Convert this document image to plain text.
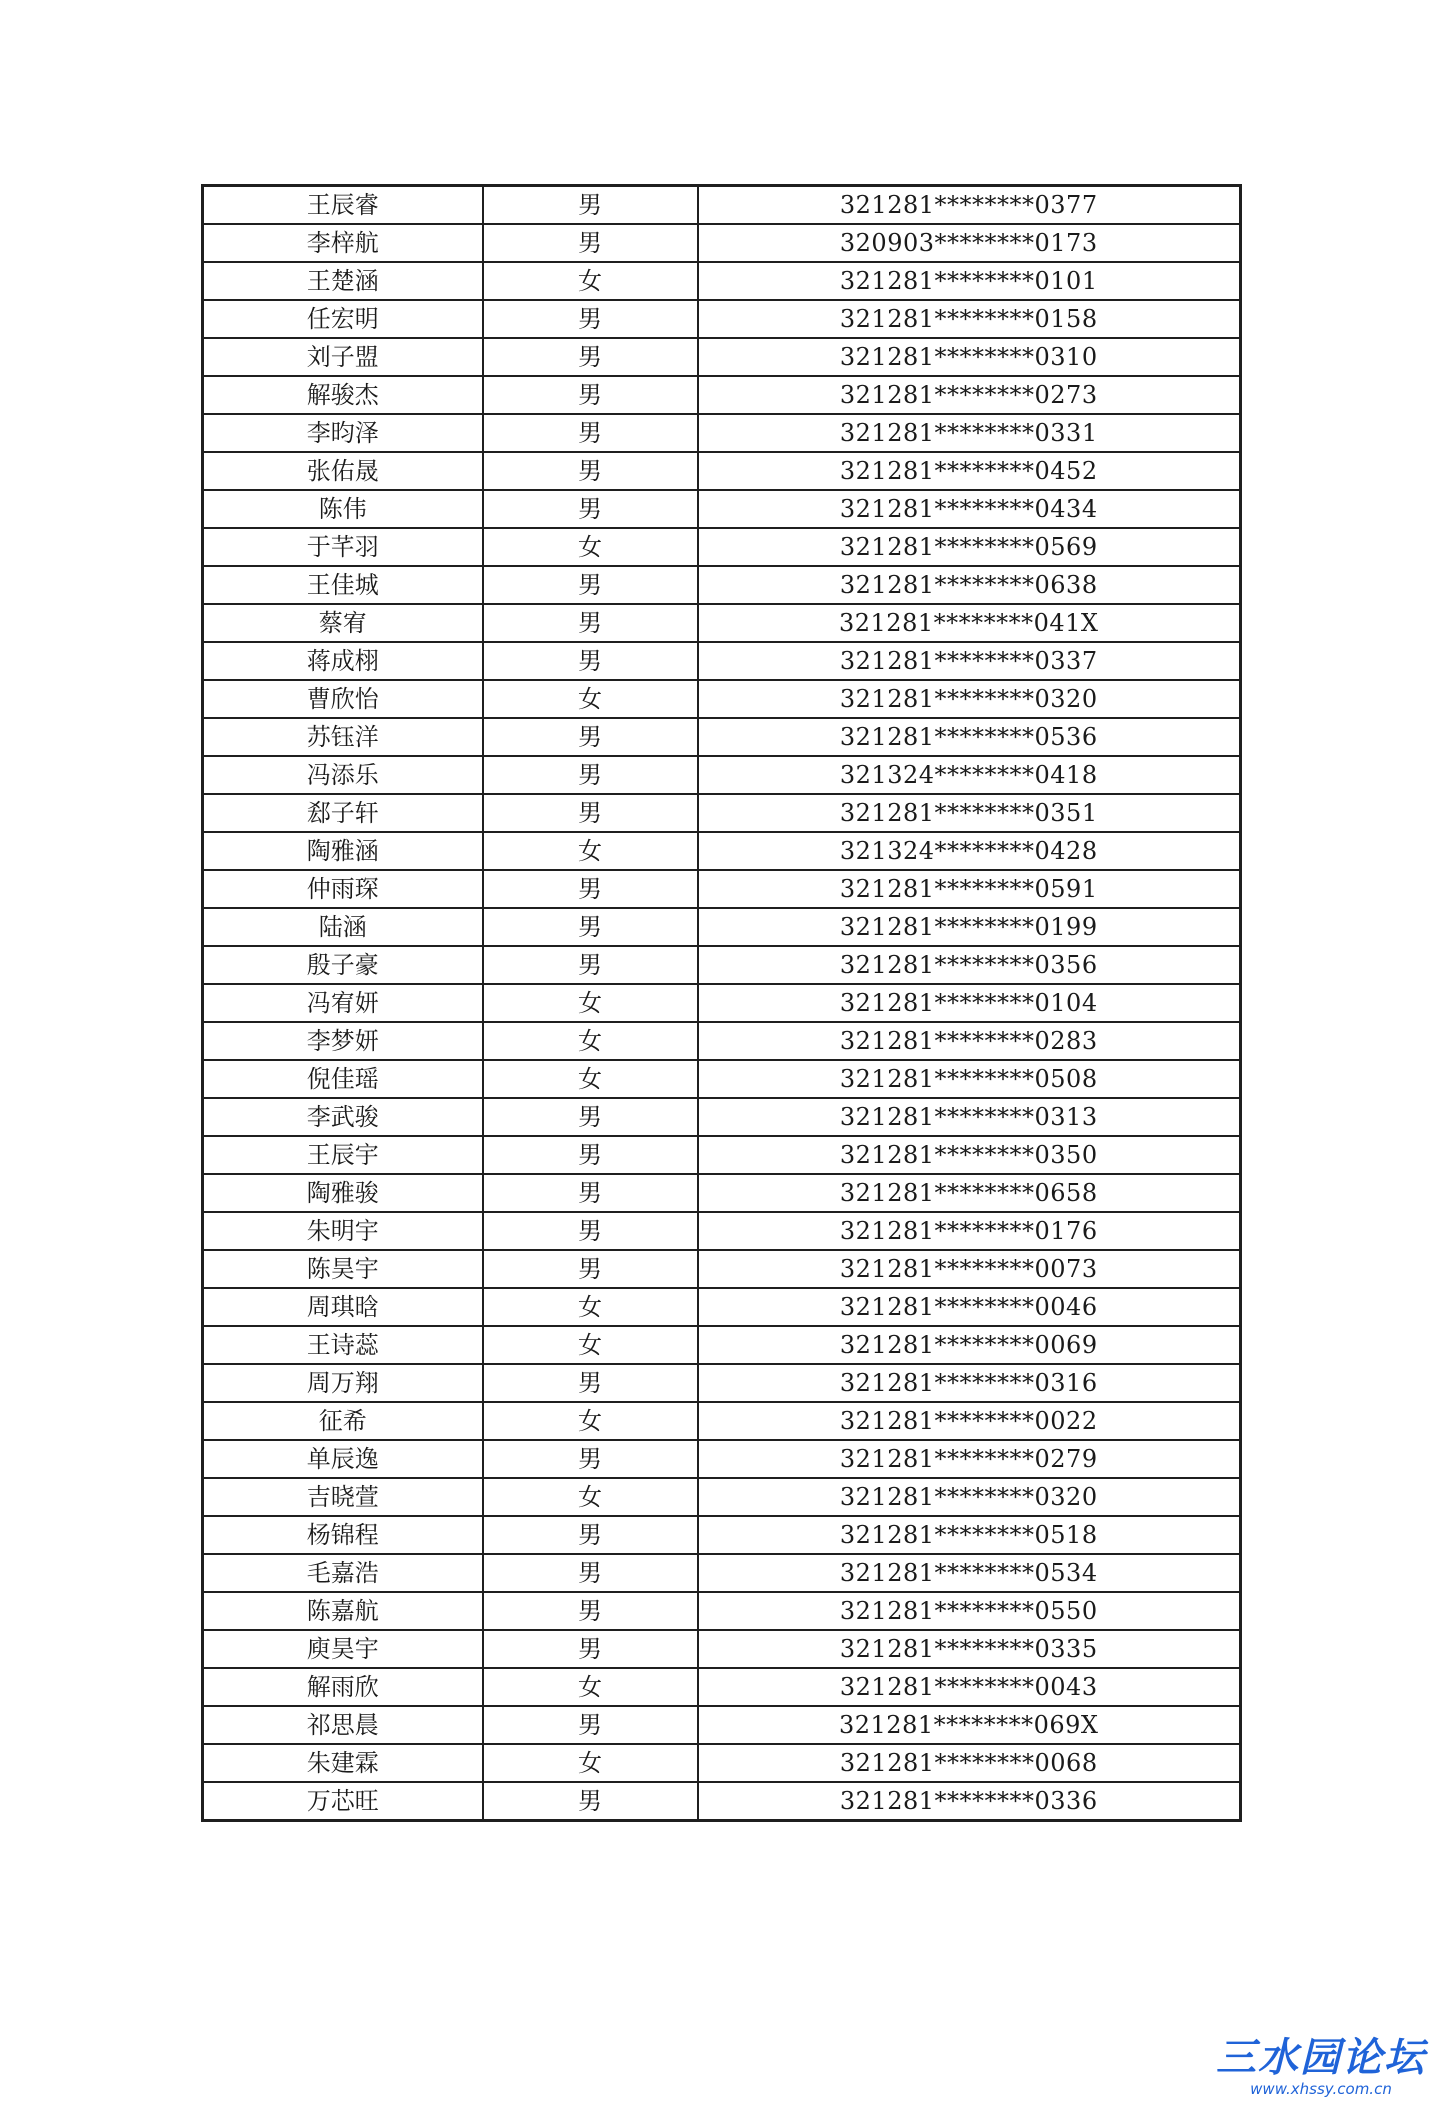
王辰睿	男	321281********0377
李梓航	男	320903********0173
王楚涵	女	321281********0101
任宏明	男	321281********0158
刘子盟	男	321281********0310
解骏杰	男	321281********0273
李昀泽	男	321281********0331
张佑晟	男	321281********0452
陈伟	男	321281********0434
于芊羽	女	321281********0569
王佳城	男	321281********0638
蔡宥	男	321281********041X
蒋成栩	男	321281********0337
曹欣怡	女	321281********0320
苏钰洋	男	321281********0536
冯添乐	男	321324********0418
郄子轩	男	321281********0351
陶雅涵	女	321324********0428
仲雨琛	男	321281********0591
陆涵	男	321281********0199
殷子豪	男	321281********0356
冯宥妍	女	321281********0104
李梦妍	女	321281********0283
倪佳瑶	女	321281********0508
李武骏	男	321281********0313
王辰宇	男	321281********0350
陶雅骏	男	321281********0658
朱明宇	男	321281********0176
陈昊宇	男	321281********0073
周琪晗	女	321281********0046
王诗蕊	女	321281********0069
周万翔	男	321281********0316
征希	女	321281********0022
单辰逸	男	321281********0279
吉晓萱	女	321281********0320
杨锦程	男	321281********0518
毛嘉浩	男	321281********0534
陈嘉航	男	321281********0550
庾昊宇	男	321281********0335
解雨欣	女	321281********0043
祁思晨	男	321281********069X
朱建霖	女	321281********0068
万芯旺	男	321281********0336
三水园论坛
www.xhssy.com.cn
